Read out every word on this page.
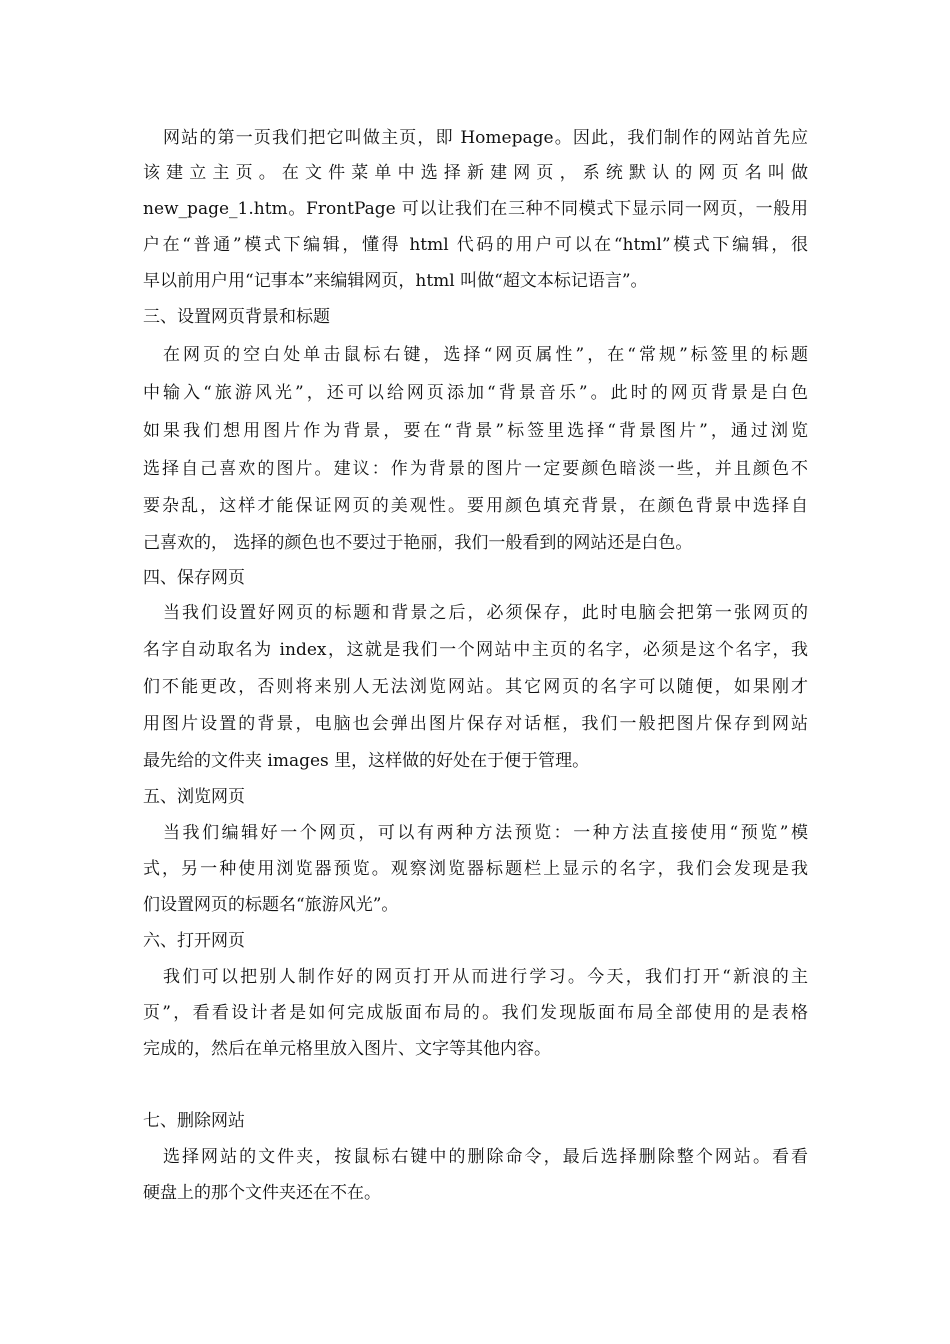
网站的第一页我们把它叫做主页，即 Homepage。因此，我们制作的网站首先应
该 建 立 主 页 。 在 文 件 菜 单 中 选 择 新 建 网 页 ， 系 统 默 认 的 网 页 名 叫 做
new_page_1.htm。FrontPage 可以让我们在三种不同模式下显示同一网页，一般用
户在“普通”模式下编辑，懂得 html 代码的用户可以在“html”模式下编辑，很
早以前用户用“记事本”来编辑网页，html 叫做“超文本标记语言”。
三、设置网页背景和标题
在网页的空白处单击鼠标右键，选择“网页属性”，在“常规”标签里的标题
中输入“旅游风光”，还可以给网页添加“背景音乐”。此时的网页背景是白色
如果我们想用图片作为背景，要在“背景”标签里选择“背景图片”，通过浏览
选择自己喜欢的图片。建议：作为背景的图片一定要颜色暗淡一些，并且颜色不
要杂乱，这样才能保证网页的美观性。要用颜色填充背景，在颜色背景中选择自
己喜欢的， 选择的颜色也不要过于艳丽，我们一般看到的网站还是白色。
四、保存网页
当我们设置好网页的标题和背景之后，必须保存，此时电脑会把第一张网页的
名字自动取名为 index，这就是我们一个网站中主页的名字，必须是这个名字，我
们不能更改，否则将来别人无法浏览网站。其它网页的名字可以随便，如果刚才
用图片设置的背景，电脑也会弹出图片保存对话框，我们一般把图片保存到网站
最先给的文件夹 images 里，这样做的好处在于便于管理。
五、浏览网页
当我们编辑好一个网页，可以有两种方法预览：一种方法直接使用“预览”模
式，另一种使用浏览器预览。观察浏览器标题栏上显示的名字，我们会发现是我
们设置网页的标题名“旅游风光”。
六、打开网页
我们可以把别人制作好的网页打开从而进行学习。今天，我们打开“新浪的主
页”，看看设计者是如何完成版面布局的。我们发现版面布局全部使用的是表格
完成的，然后在单元格里放入图片、文字等其他内容。
七、删除网站
选择网站的文件夹，按鼠标右键中的删除命令，最后选择删除整个网站。看看
硬盘上的那个文件夹还在不在。
